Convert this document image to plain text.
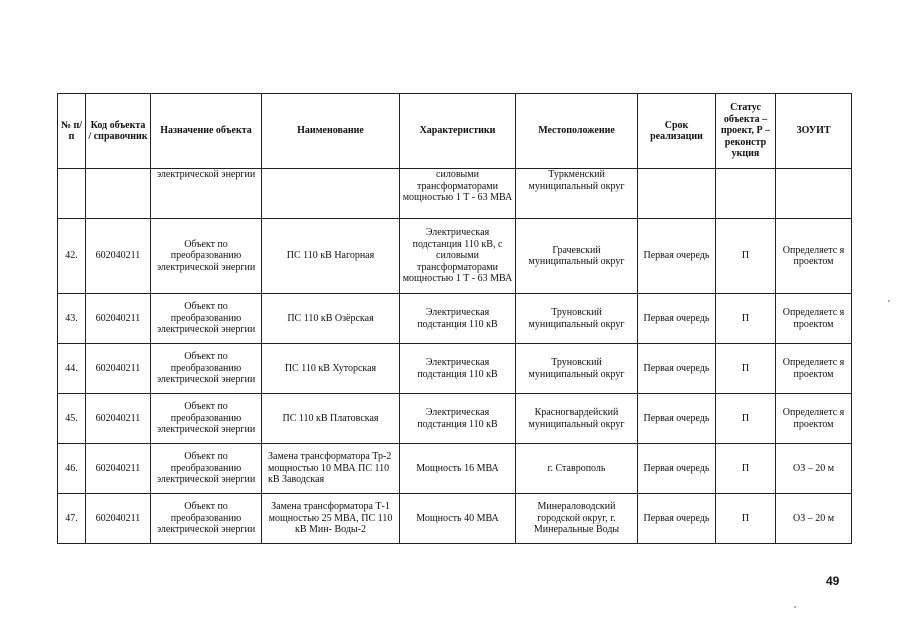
№ п/п	Код объекта / справочник	Назначение объекта	Наименование	Характеристики	Местоположение	Срок реализации	Статус объекта – проект, Р – реконстр укция	ЗОУИТ
		электрической энергии		силовыми трансформаторами мощностью 1 Т - 63 МВА	Туркменский муниципальный округ			
42.	602040211	Объект по преобразованию электрической энергии	ПС 110 кВ Нагорная	Электрическая подстанция 110 кВ, с силовыми трансформаторами мощностью 1 Т - 63 МВА	Грачевский муниципальный округ	Первая очередь	П	Определяетс я проектом
43.	602040211	Объект по преобразованию электрической энергии	ПС 110 кВ Озёрская	Электрическая подстанция 110 кВ	Труновский муниципальный округ	Первая очередь	П	Определяетс я проектом
44.	602040211	Объект по преобразованию электрической энергии	ПС 110 кВ Хуторская	Электрическая подстанция 110 кВ	Труновский муниципальный округ	Первая очередь	П	Определяетс я проектом
45.	602040211	Объект по преобразованию электрической энергии	ПС 110 кВ Платовская	Электрическая подстанция 110 кВ	Красногвардейский муниципальный округ	Первая очередь	П	Определяетс я проектом
46.	602040211	Объект по преобразованию электрической энергии	Замена трансформатора Тр-2 мощностью 10 МВА ПС 110 кВ Заводская	Мощность 16 МВА	г. Ставрополь	Первая очередь	П	ОЗ – 20 м
47.	602040211	Объект по преобразованию электрической энергии	Замена трансформатора Т-1 мощностью 25 МВА, ПС 110 кВ Мин- Воды-2	Мощность 40 МВА	Минераловодский городской округ, г. Минеральные Воды	Первая очередь	П	ОЗ – 20 м
49
